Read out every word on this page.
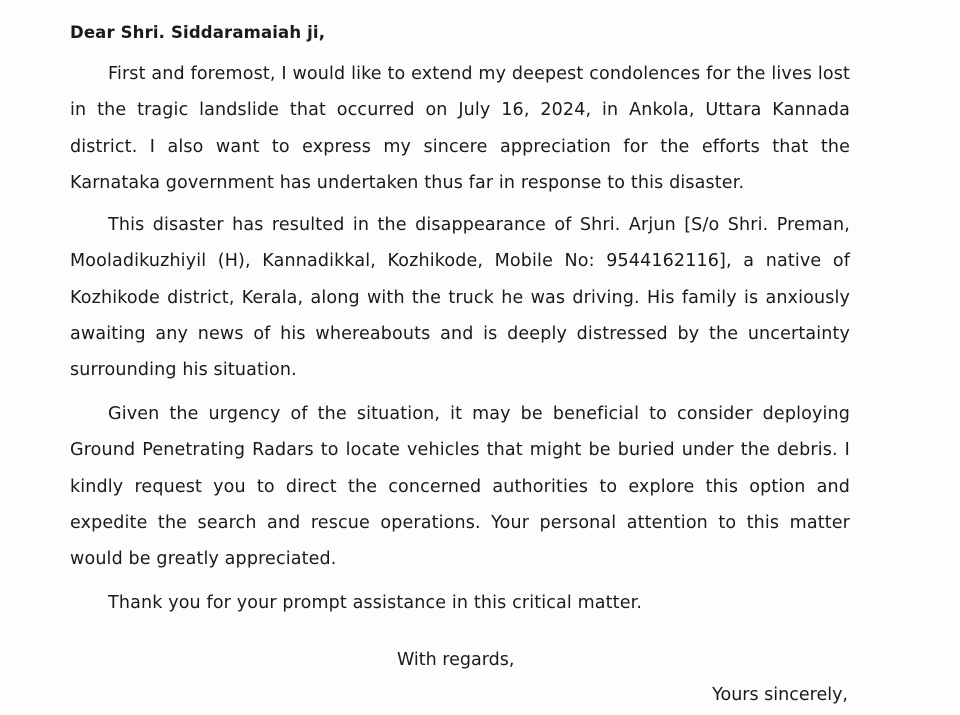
Dear Shri. Siddaramaiah ji,
First and foremost, I would like to extend my deepest condolences for the lives lost in the tragic landslide that occurred on July 16, 2024, in Ankola, Uttara Kannada district. I also want to express my sincere appreciation for the efforts that the Karnataka government has undertaken thus far in response to this disaster.
This disaster has resulted in the disappearance of Shri. Arjun [S/o Shri. Preman, Mooladikuzhiyil (H), Kannadikkal, Kozhikode, Mobile No: 9544162116], a native of Kozhikode district, Kerala, along with the truck he was driving. His family is anxiously awaiting any news of his whereabouts and is deeply distressed by the uncertainty surrounding his situation.
Given the urgency of the situation, it may be beneficial to consider deploying Ground Penetrating Radars to locate vehicles that might be buried under the debris. I kindly request you to direct the concerned authorities to explore this option and expedite the search and rescue operations. Your personal attention to this matter would be greatly appreciated.
Thank you for your prompt assistance in this critical matter.
With regards,
Yours sincerely,
